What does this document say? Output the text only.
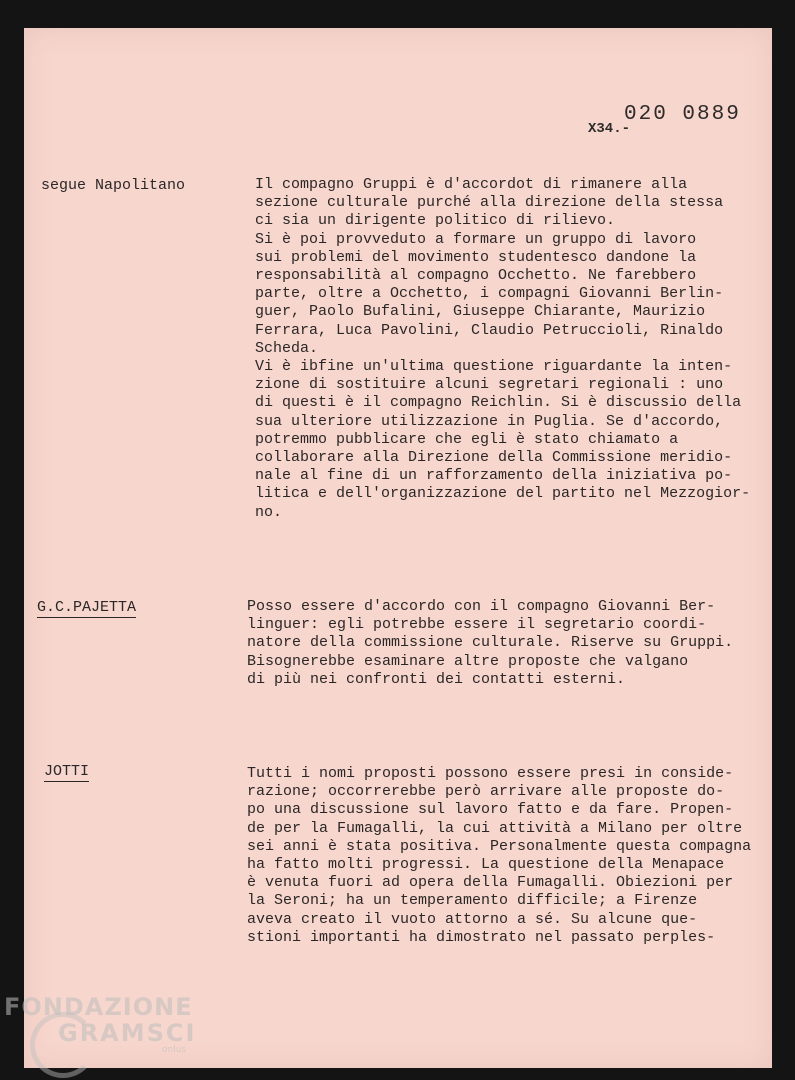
020 0889
X34.-
segue Napolitano	Il compagno Gruppi è d'accordot di rimanere alla
sezione culturale purché alla direzione della stessa
ci sia un dirigente politico di rilievo.
Si è poi provveduto a formare un gruppo di lavoro
sui problemi del movimento studentesco dandone la
responsabilità al compagno Occhetto. Ne farebbero
parte, oltre a Occhetto, i compagni Giovanni Berlin-
guer, Paolo Bufalini, Giuseppe Chiarante, Maurizio
Ferrara, Luca Pavolini, Claudio Petruccioli, Rinaldo
Scheda.
Vi è ibfine un'ultima questione riguardante la inten-
zione di sostituire alcuni segretari regionali : uno
di questi è il compagno Reichlin. Si è discussio della
sua ulteriore utilizzazione in Puglia. Se d'accordo,
potremmo pubblicare che egli è stato chiamato a
collaborare alla Direzione della Commissione meridio-
nale al fine di un rafforzamento della iniziativa po-
litica e dell'organizzazione del partito nel Mezzogior-
no.
G.C.PAJETTA	Posso essere d'accordo con il compagno Giovanni Ber-
linguer: egli potrebbe essere il segretario coordi-
natore della commissione culturale. Riserve su Gruppi.
Bisognerebbe esaminare altre proposte che valgano
di più nei confronti dei contatti esterni.
JOTTI	Tutti i nomi proposti possono essere presi in conside-
razione; occorrerebbe però arrivare alle proposte do-
po una discussione sul lavoro fatto e da fare. Propen-
de per la Fumagalli, la cui attività a Milano per oltre
sei anni è stata positiva. Personalmente questa compagna
ha fatto molti progressi. La questione della Menapace
è venuta fuori ad opera della Fumagalli. Obiezioni per
la Seroni; ha un temperamento difficile; a Firenze
aveva creato il vuoto attorno a sé. Su alcune que-
stioni importanti ha dimostrato nel passato perples-
FONDAZIONE
GRAMSCI
onlus
